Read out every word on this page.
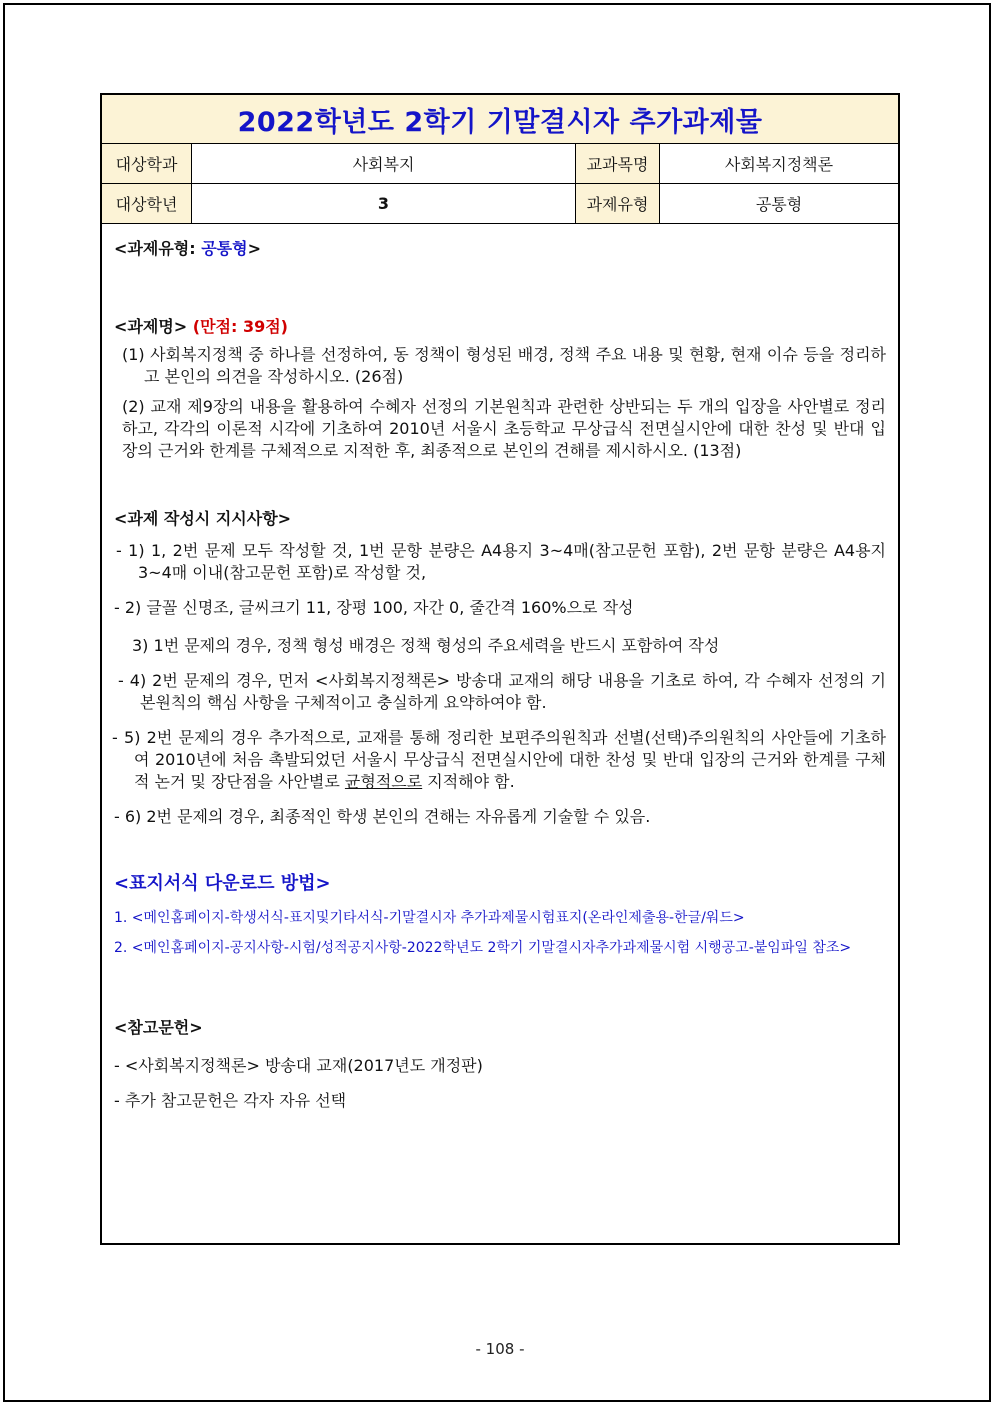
2022학년도 2학기 기말결시자 추가과제물
대상학과	사회복지	교과목명	사회복지정책론
대상학년	3	과제유형	공통형

<과제유형: 공통형>

<과제명> (만점: 39점)

(1) 사회복지정책 중 하나를 선정하여, 동 정책이 형성된 배경, 정책 주요 내용 및 현황, 현재 이슈 등을 정리하고 본인의 의견을 작성하시오. (26점)

(2) 교재 제9장의 내용을 활용하여 수혜자 선정의 기본원칙과 관련한 상반되는 두 개의 입장을 사안별로 정리하고, 각각의 이론적 시각에 기초하여 2010년 서울시 초등학교 무상급식 전면실시안에 대한 찬성 및 반대 입장의 근거와 한계를 구체적으로 지적한 후, 최종적으로 본인의 견해를 제시하시오. (13점)

<과제 작성시 지시사항>

- 1) 1, 2번 문제 모두 작성할 것, 1번 문항 분량은 A4용지 3~4매(참고문헌 포함), 2번 문항 분량은 A4용지 3~4매 이내(참고문헌 포함)로 작성할 것,

- 2) 글꼴 신명조, 글씨크기 11, 장평 100, 자간 0, 줄간격 160%으로 작성

3) 1번 문제의 경우, 정책 형성 배경은 정책 형성의 주요세력을 반드시 포함하여 작성

- 4) 2번 문제의 경우, 먼저 <사회복지정책론> 방송대 교재의 해당 내용을 기초로 하여, 각 수혜자 선정의 기본원칙의 핵심 사항을 구체적이고 충실하게 요약하여야 함.

- 5) 2번 문제의 경우 추가적으로, 교재를 통해 정리한 보편주의원칙과 선별(선택)주의원칙의 사안들에 기초하여 2010년에 처음 촉발되었던 서울시 무상급식 전면실시안에 대한 찬성 및 반대 입장의 근거와 한계를 구체적 논거 및 장단점을 사안별로 균형적으로 지적해야 함.

- 6) 2번 문제의 경우, 최종적인 학생 본인의 견해는 자유롭게 기술할 수 있음.

<표지서식 다운로드 방법>

1. <메인홈페이지-학생서식-표지및기타서식-기말결시자 추가과제물시험표지(온라인제출용-한글/워드>

2. <메인홈페이지-공지사항-시험/성적공지사항-2022학년도 2학기 기말결시자추가과제물시험 시행공고-붙임파일 참조>

<참고문헌>

- <사회복지정책론> 방송대 교재(2017년도 개정판)

- 추가 참고문헌은 각자 자유 선택

- 108 -
